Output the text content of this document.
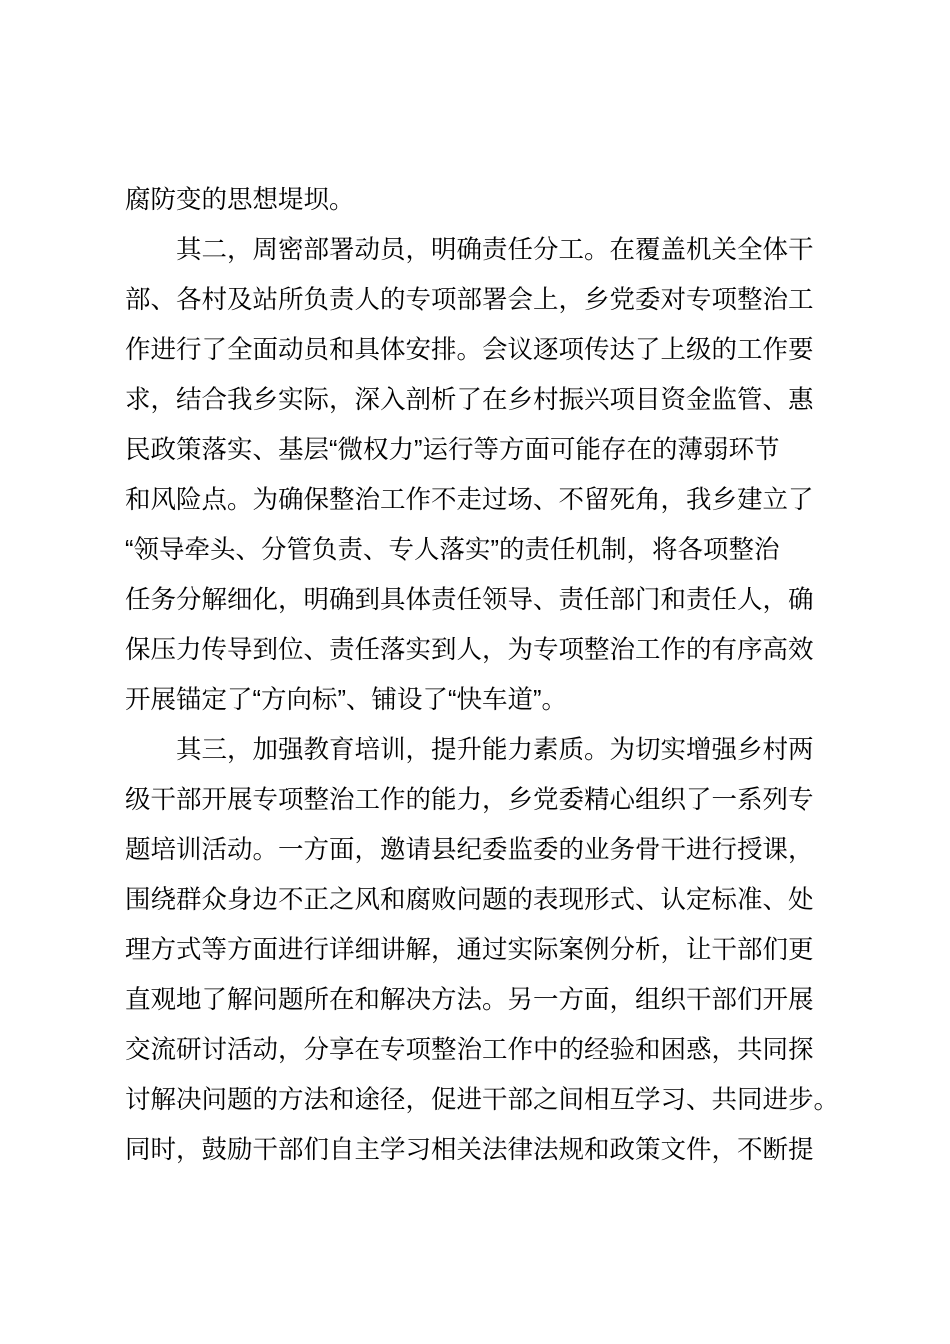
腐防变的思想堤坝。
其二，周密部署动员，明确责任分工。在覆盖机关全体干
部、各村及站所负责人的专项部署会上，乡党委对专项整治工
作进行了全面动员和具体安排。会议逐项传达了上级的工作要
求，结合我乡实际，深入剖析了在乡村振兴项目资金监管、惠
民政策落实、基层“微权力”运行等方面可能存在的薄弱环节
和风险点。为确保整治工作不走过场、不留死角，我乡建立了
“领导牵头、分管负责、专人落实”的责任机制，将各项整治
任务分解细化，明确到具体责任领导、责任部门和责任人，确
保压力传导到位、责任落实到人，为专项整治工作的有序高效
开展锚定了“方向标”、铺设了“快车道”。
其三，加强教育培训，提升能力素质。为切实增强乡村两
级干部开展专项整治工作的能力，乡党委精心组织了一系列专
题培训活动。一方面，邀请县纪委监委的业务骨干进行授课，
围绕群众身边不正之风和腐败问题的表现形式、认定标准、处
理方式等方面进行详细讲解，通过实际案例分析，让干部们更
直观地了解问题所在和解决方法。另一方面，组织干部们开展
交流研讨活动，分享在专项整治工作中的经验和困惑，共同探
讨解决问题的方法和途径，促进干部之间相互学习、共同进步。
同时，鼓励干部们自主学习相关法律法规和政策文件，不断提
